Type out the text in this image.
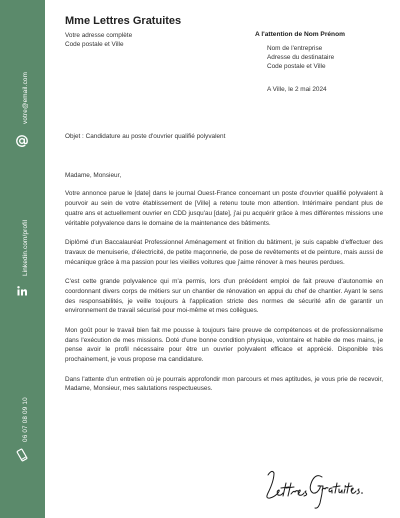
votre@email.com
Linkedin.com/profil
06 07 08 09 10
Mme Lettres Gratuites
Votre adresse complète
Code postale et Ville
A l'attention de Nom Prénom
Nom de l'entreprise
Adresse du destinataire
Code postale et Ville
A Ville, le 2 mai 2024
Objet : Candidature au poste d'ouvrier qualifié polyvalent

Madame, Monsieur,

Votre annonce parue le [date] dans le journal Ouest-France concernant un poste d'ouvrier qualifié polyvalent à pourvoir au sein de votre établissement de [Ville] a retenu toute mon attention. Intérimaire pendant plus de quatre ans et actuellement ouvrier en CDD jusqu'au [date], j'ai pu acquérir grâce à mes différentes missions une véritable polyvalence dans le domaine de la maintenance des bâtiments.

Diplômé d'un Baccalauréat Professionnel Aménagement et finition du bâtiment, je suis capable d'effectuer des travaux de menuiserie, d'électricité, de petite maçonnerie, de pose de revêtements et de peinture, mais aussi de mécanique grâce à ma passion pour les vieilles voitures que j'aime rénover à mes heures perdues.

C'est cette grande polyvalence qui m'a permis, lors d'un précédent emploi de fait preuve d'autonomie en coordonnant divers corps de métiers sur un chantier de rénovation en appui du chef de chantier. Ayant le sens des responsabilités, je veille toujours à l'application stricte des normes de sécurité afin de garantir un environnement de travail sécurisé pour moi-même et mes collègues.

Mon goût pour le travail bien fait me pousse à toujours faire preuve de compétences et de professionnalisme dans l'exécution de mes missions. Doté d'une bonne condition physique, volontaire et habile de mes mains, je pense avoir le profil nécessaire pour être un ouvrier polyvalent efficace et apprécié. Disponible très prochainement, je vous propose ma candidature.

Dans l'attente d'un entretien où je pourrais approfondir mon parcours et mes aptitudes, je vous prie de recevoir, Madame, Monsieur, mes salutations respectueuses.
